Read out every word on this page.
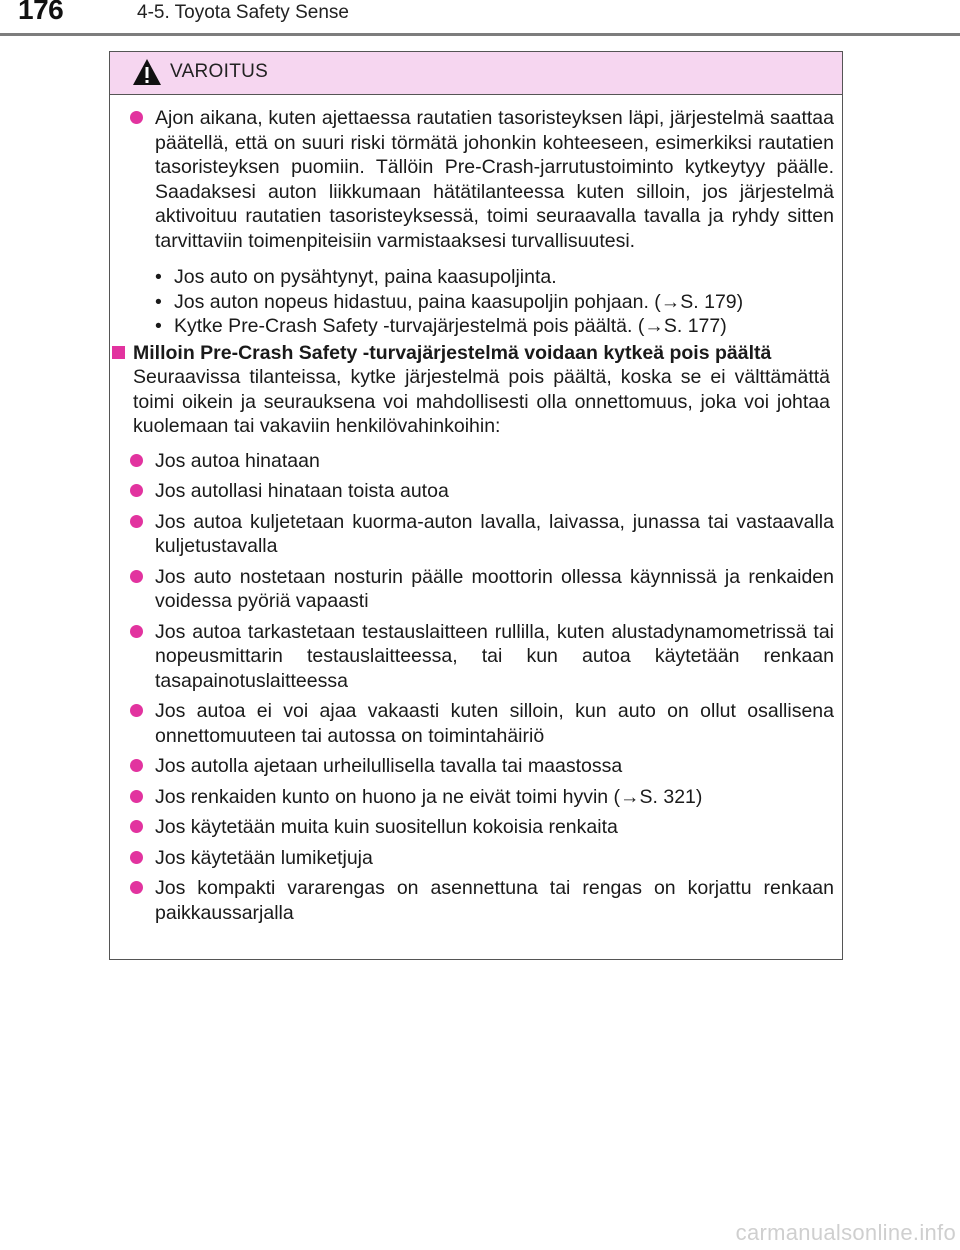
176	4-5. Toyota Safety Sense
VAROITUS
Ajon aikana, kuten ajettaessa rautatien tasoristeyksen läpi, järjestelmä saattaa päätellä, että on suuri riski törmätä johonkin kohteeseen, esimerkiksi rautatien tasoristeyksen puomiin. Tällöin Pre-Crash-jarrutustoiminto kytkeytyy päälle. Saadaksesi auton liikkumaan hätätilanteessa kuten silloin, jos järjestelmä aktivoituu rautatien tasoristeyksessä, toimi seuraavalla tavalla ja ryhdy sitten tarvittaviin toimenpiteisiin varmistaaksesi turvallisuutesi.
• Jos auto on pysähtynyt, paina kaasupoljinta.
• Jos auton nopeus hidastuu, paina kaasupoljin pohjaan. (→S. 179)
• Kytke Pre-Crash Safety -turvajärjestelmä pois päältä. (→S. 177)
Milloin Pre-Crash Safety -turvajärjestelmä voidaan kytkeä pois päältä
Seuraavissa tilanteissa, kytke järjestelmä pois päältä, koska se ei välttämättä toimi oikein ja seurauksena voi mahdollisesti olla onnettomuus, joka voi johtaa kuolemaan tai vakaviin henkilövahinkoihin:
Jos autoa hinataan
Jos autollasi hinataan toista autoa
Jos autoa kuljetetaan kuorma-auton lavalla, laivassa, junassa tai vastaavalla kuljetustavalla
Jos auto nostetaan nosturin päälle moottorin ollessa käynnissä ja renkaiden voidessa pyöriä vapaasti
Jos autoa tarkastetaan testauslaitteen rullilla, kuten alustadynamometrissä tai nopeusmittarin testauslaitteessa, tai kun autoa käytetään renkaan tasapainotuslaitteessa
Jos autoa ei voi ajaa vakaasti kuten silloin, kun auto on ollut osallisena onnettomuuteen tai autossa on toimintahäiriö
Jos autolla ajetaan urheilullisella tavalla tai maastossa
Jos renkaiden kunto on huono ja ne eivät toimi hyvin (→S. 321)
Jos käytetään muita kuin suositellun kokoisia renkaita
Jos käytetään lumiketjuja
Jos kompakti vararengas on asennettuna tai rengas on korjattu renkaan paikkaussarjalla
carmanualsonline.info
